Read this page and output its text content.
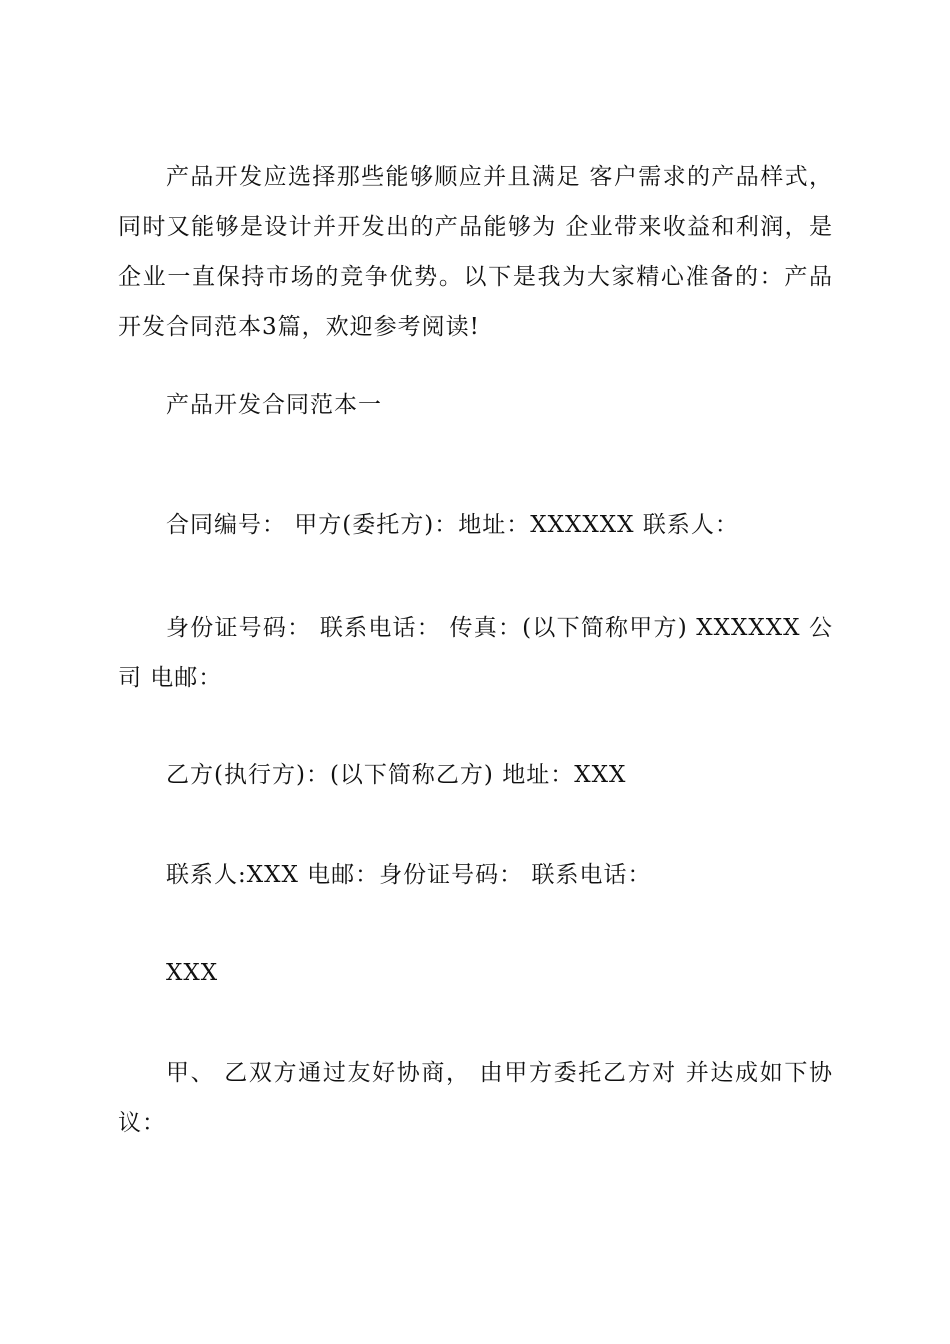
产品开发应选择那些能够顺应并且满足 客户需求的产品样式，同时又能够是设计并开发出的产品能够为 企业带来收益和利润，是企业一直保持市场的竞争优势。以下是我为大家精心准备的：产品开发合同范本3篇，欢迎参考阅读!

产品开发合同范本一

合同编号： 甲方(委托方)：地址：XXXXXX 联系人：

身份证号码： 联系电话： 传真：(以下简称甲方) XXXXXX 公司 电邮：

乙方(执行方)：(以下简称乙方) 地址：XXX

联系人:XXX 电邮：身份证号码： 联系电话：

XXX

甲、 乙双方通过友好协商， 由甲方委托乙方对 并达成如下协议：
